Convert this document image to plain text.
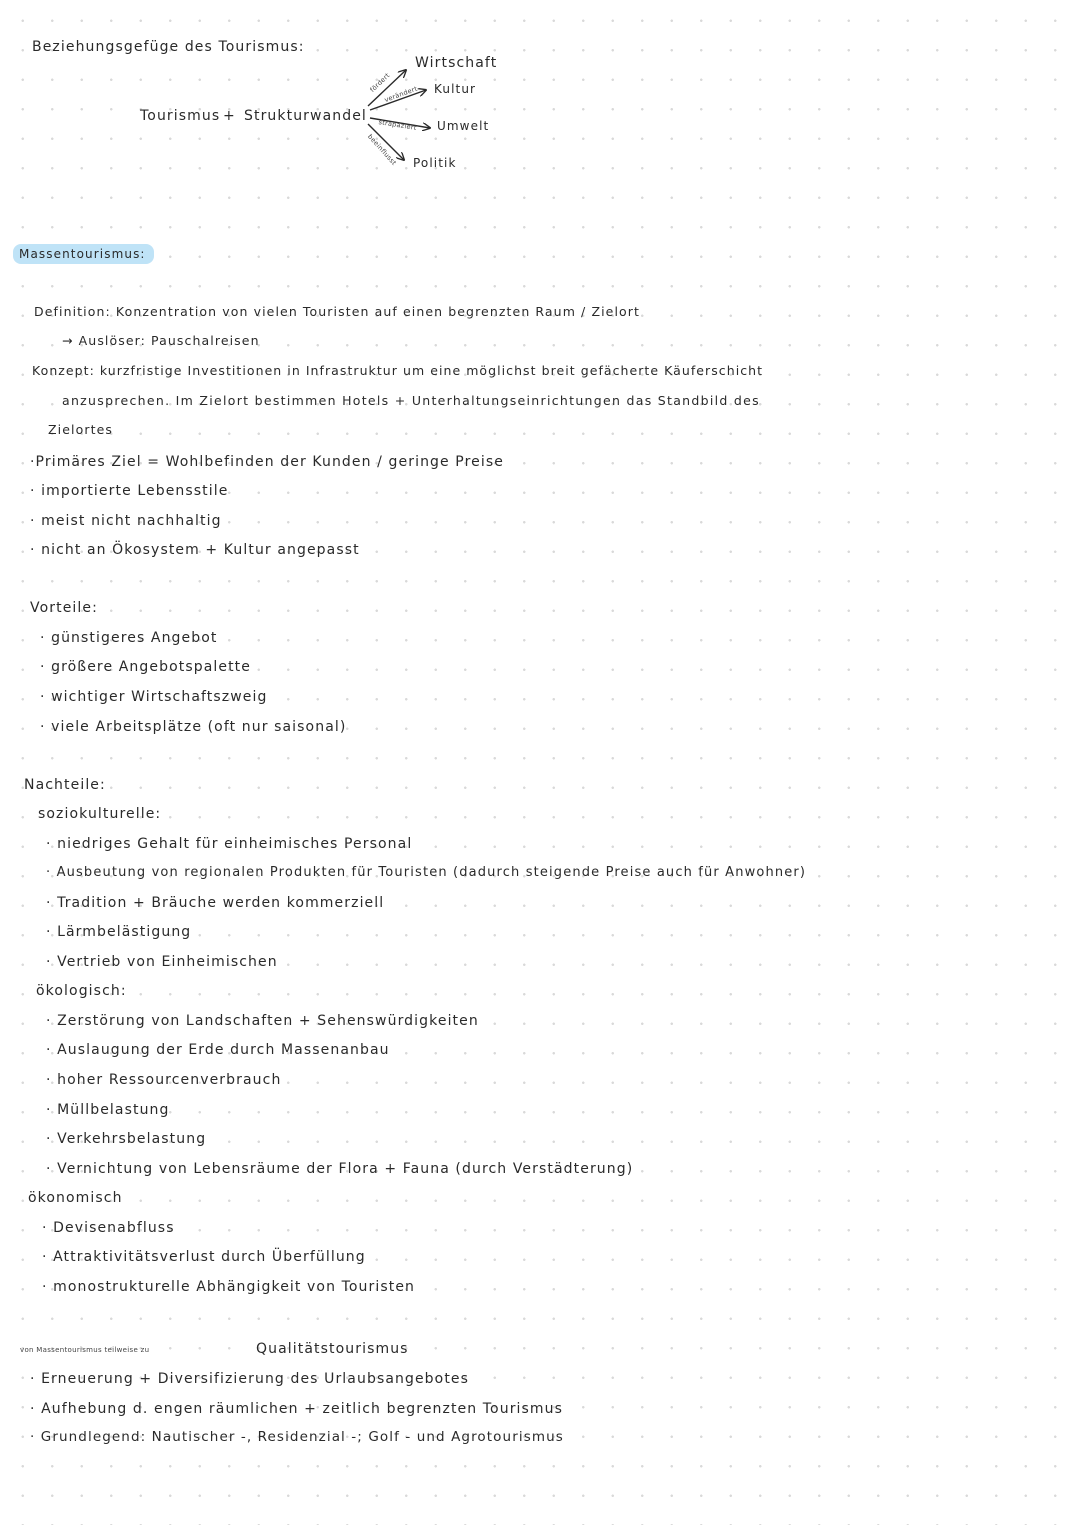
Beziehungsgefüge des Tourismus:
Tourismus + Strukturwandel
fördert
verändert
strapaziert
beeinflusst
Wirtschaft
Kultur
Umwelt
Politik
Massentourismus:
Definition: Konzentration von vielen Touristen auf einen begrenzten Raum / Zielort
→ Auslöser: Pauschalreisen
Konzept: kurzfristige Investitionen in Infrastruktur um eine möglichst breit gefächerte Käuferschicht
anzusprechen. Im Zielort bestimmen Hotels + Unterhaltungseinrichtungen das Standbild des
Zielortes
·Primäres Ziel = Wohlbefinden der Kunden / geringe Preise
· importierte Lebensstile
· meist nicht nachhaltig
· nicht an Ökosystem + Kultur angepasst
Vorteile:
· günstigeres Angebot
· größere Angebotspalette
· wichtiger Wirtschaftszweig
· viele Arbeitsplätze (oft nur saisonal)
Nachteile:
soziokulturelle:
· niedriges Gehalt für einheimisches Personal
· Ausbeutung von regionalen Produkten für Touristen (dadurch steigende Preise auch für Anwohner)
· Tradition + Bräuche werden kommerziell
· Lärmbelästigung
· Vertrieb von Einheimischen
ökologisch:
· Zerstörung von Landschaften + Sehenswürdigkeiten
· Auslaugung der Erde durch Massenanbau
· hoher Ressourcenverbrauch
· Müllbelastung
· Verkehrsbelastung
· Vernichtung von Lebensräume der Flora + Fauna (durch Verstädterung)
ökonomisch
· Devisenabfluss
· Attraktivitätsverlust durch Überfüllung
· monostrukturelle Abhängigkeit von Touristen
von Massentourismus teilweise zu	Qualitätstourismus
· Erneuerung + Diversifizierung des Urlaubsangebotes
· Aufhebung d. engen räumlichen + zeitlich begrenzten Tourismus
· Grundlegend: Nautischer -, Residenzial -; Golf - und Agrotourismus
